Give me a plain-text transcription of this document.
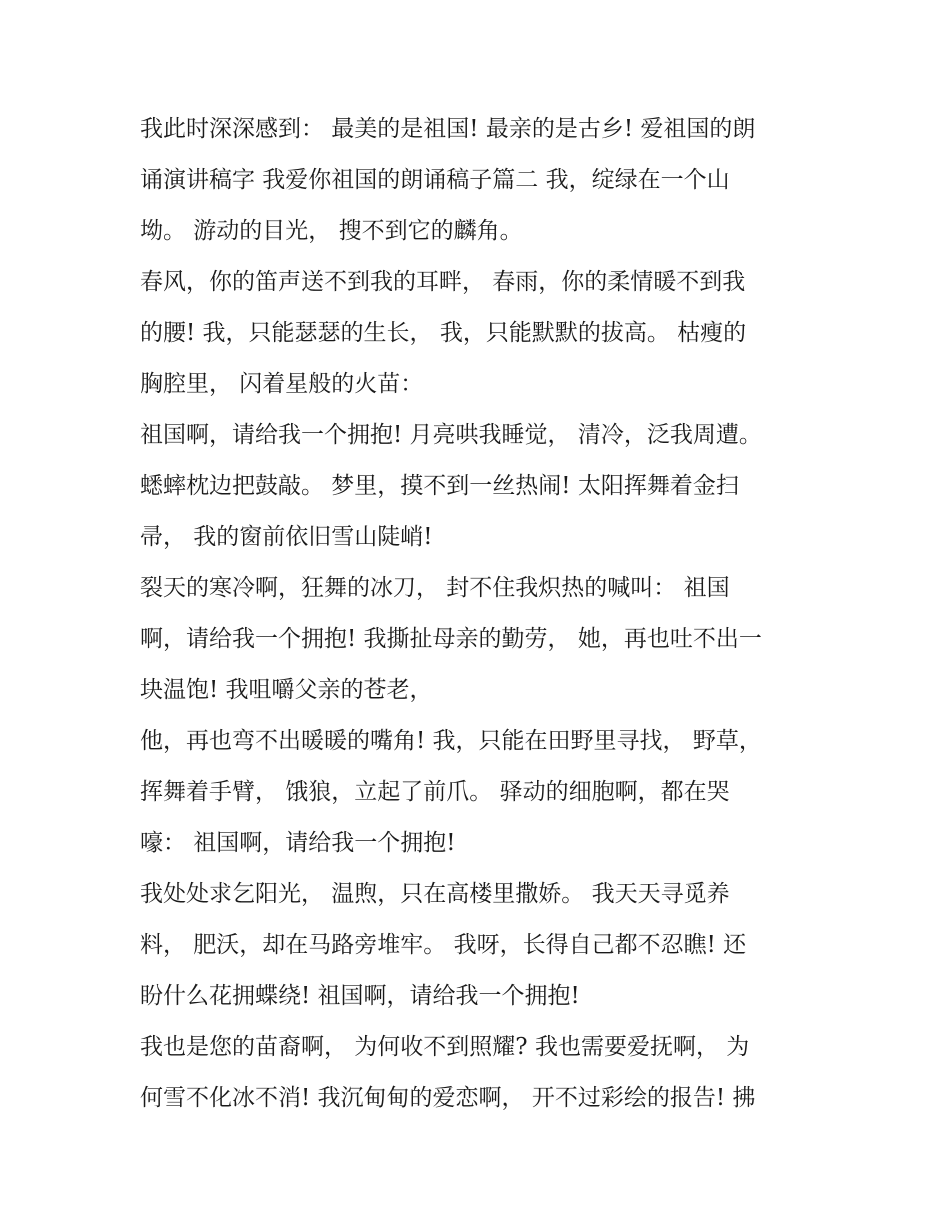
我此时深深感到： 最美的是祖国! 最亲的是古乡! 爱祖国的朗
诵演讲稿字 我爱你祖国的朗诵稿子篇二 我，绽绿在一个山
坳。 游动的目光， 搜不到它的麟角。
春风，你的笛声送不到我的耳畔， 春雨，你的柔情暖不到我
的腰! 我，只能瑟瑟的生长， 我，只能默默的拔高。 枯瘦的
胸腔里， 闪着星般的火苗：
祖国啊，请给我一个拥抱! 月亮哄我睡觉， 清冷，泛我周遭。
蟋蟀枕边把鼓敲。 梦里，摸不到一丝热闹! 太阳挥舞着金扫
帚， 我的窗前依旧雪山陡峭!
裂天的寒冷啊，狂舞的冰刀， 封不住我炽热的喊叫： 祖国
啊，请给我一个拥抱! 我撕扯母亲的勤劳， 她，再也吐不出一
块温饱! 我咀嚼父亲的苍老，
他，再也弯不出暖暖的嘴角! 我，只能在田野里寻找， 野草，
挥舞着手臂， 饿狼，立起了前爪。 驿动的细胞啊，都在哭
嚎： 祖国啊，请给我一个拥抱!
我处处求乞阳光， 温煦，只在高楼里撒娇。 我天天寻觅养
料， 肥沃，却在马路旁堆牢。 我呀，长得自己都不忍瞧! 还
盼什么花拥蝶绕! 祖国啊，请给我一个拥抱!
我也是您的苗裔啊， 为何收不到照耀? 我也需要爱抚啊， 为
何雪不化冰不消! 我沉甸甸的爱恋啊， 开不过彩绘的报告! 拂
